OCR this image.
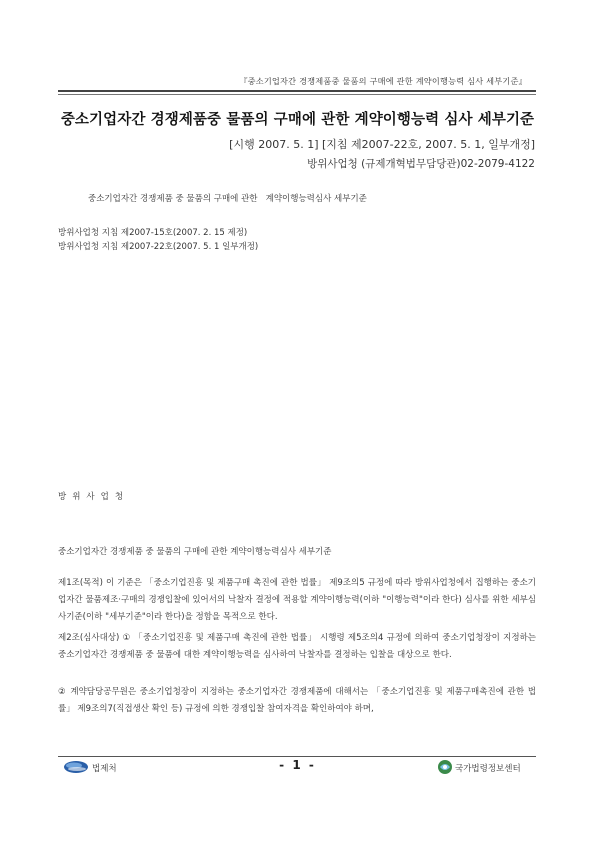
『중소기업자간 경쟁제품중 물품의 구매에 관한 계약이행능력 심사 세부기준』
중소기업자간 경쟁제품중 물품의 구매에 관한 계약이행능력 심사 세부기준
[시행 2007. 5. 1] [지침 제2007-22호, 2007. 5. 1, 일부개정]
방위사업청 (규제개혁법무담당관)02-2079-4122
중소기업자간 경쟁제품 중 물품의 구매에 관한   계약이행능력심사 세부기준
방위사업청 지침 제2007-15호(2007. 2. 15 제정)
방위사업청 지침 제2007-22호(2007. 5. 1 일부개정)
방위사업청
중소기업자간 경쟁제품 중 물품의 구매에 관한 계약이행능력심사 세부기준
제1조(목적) 이 기준은 「중소기업진흥 및 제품구매 촉진에 관한 법률」 제9조의5 규정에 따라 방위사업청에서 집행하는 중소기업자간 물품제조·구매의 경쟁입찰에 있어서의 낙찰자 결정에 적용할 계약이행능력(이하 "이행능력"이라 한다) 심사를 위한 세부심사기준(이하 "세부기준"이라 한다)을 정함을 목적으로 한다.
제2조(심사대상) ① 「중소기업진흥 및 제품구매 촉진에 관한 법률」 시행령 제5조의4 규정에 의하여 중소기업청장이 지정하는 중소기업자간 경쟁제품 중 물품에 대한 계약이행능력을 심사하여 낙찰자를 결정하는 입찰을 대상으로 한다.
② 계약담당공무원은 중소기업청장이 지정하는 중소기업자간 경쟁제품에 대해서는 「중소기업진흥 및 제품구매촉진에 관한 법률」 제9조의7(직접생산 확인 등) 규정에 의한 경쟁입찰 참여자격을 확인하여야 하며,
법제처	- 1 -	국가법령정보센터
